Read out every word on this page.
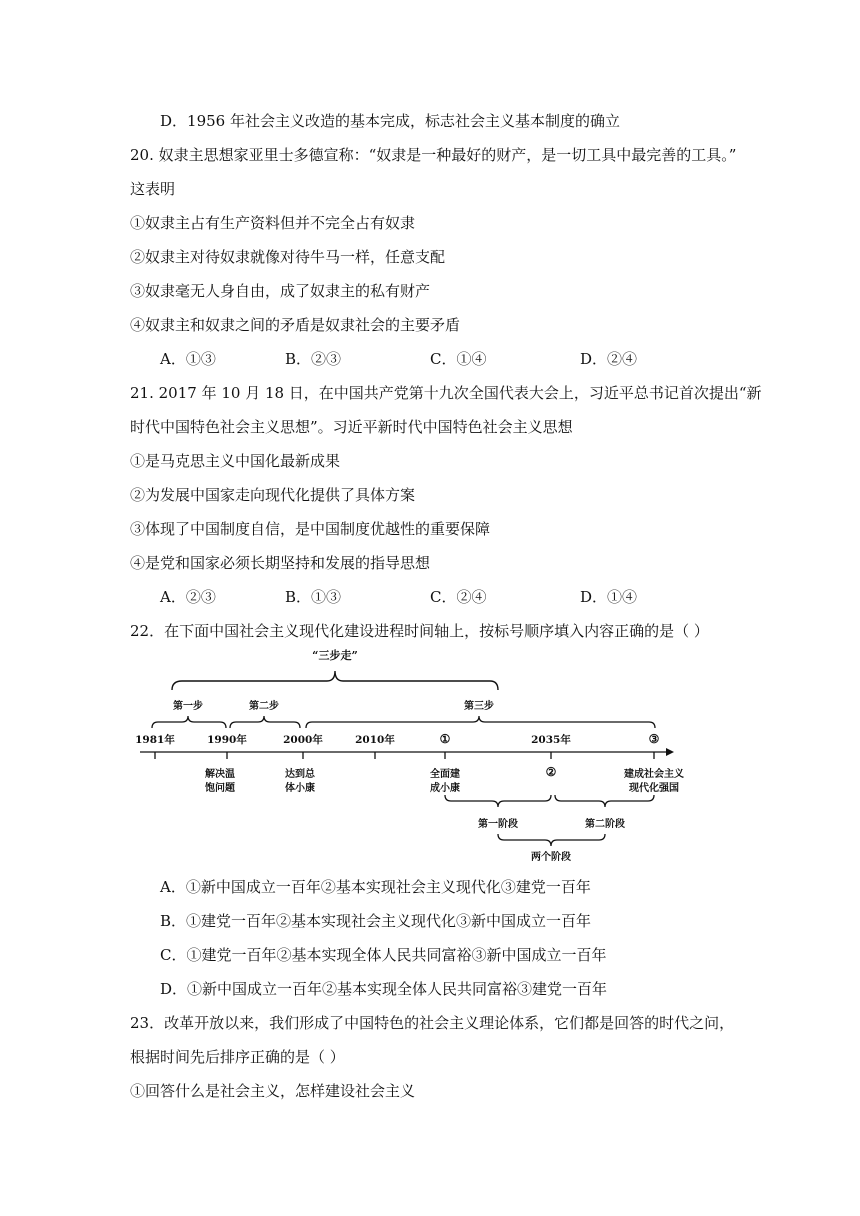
D．1956 年社会主义改造的基本完成，标志社会主义基本制度的确立
20. 奴隶主思想家亚里士多德宣称：“奴隶是一种最好的财产，是一切工具中最完善的工具。”
这表明
①奴隶主占有生产资料但并不完全占有奴隶
②奴隶主对待奴隶就像对待牛马一样，任意支配
③奴隶毫无人身自由，成了奴隶主的私有财产
④奴隶主和奴隶之间的矛盾是奴隶社会的主要矛盾
A．①③	B．②③	C．①④	D．②④
21. 2017 年 10 月 18 日，在中国共产党第十九次全国代表大会上，习近平总书记首次提出“新
时代中国特色社会主义思想”。习近平新时代中国特色社会主义思想
①是马克思主义中国化最新成果
②为发展中国家走向现代化提供了具体方案
③体现了中国制度自信，是中国制度优越性的重要保障
④是党和国家必须长期坚持和发展的指导思想
A．②③	B．①③	C．②④	D．①④
22．在下面中国社会主义现代化建设进程时间轴上，按标号顺序填入内容正确的是（ ）
“三步走”
第一步	第二步	第三步
1981年	1990年	2000年	2010年	①	2035年	③
解决温
饱问题
达到总
体小康
全面建
成小康
②	建成社会主义
现代化强国
第一阶段	第二阶段
两个阶段
A．①新中国成立一百年②基本实现社会主义现代化③建党一百年
B．①建党一百年②基本实现社会主义现代化③新中国成立一百年
C．①建党一百年②基本实现全体人民共同富裕③新中国成立一百年
D．①新中国成立一百年②基本实现全体人民共同富裕③建党一百年
23．改革开放以来，我们形成了中国特色的社会主义理论体系，它们都是回答的时代之问，
根据时间先后排序正确的是（ ）
①回答什么是社会主义，怎样建设社会主义
